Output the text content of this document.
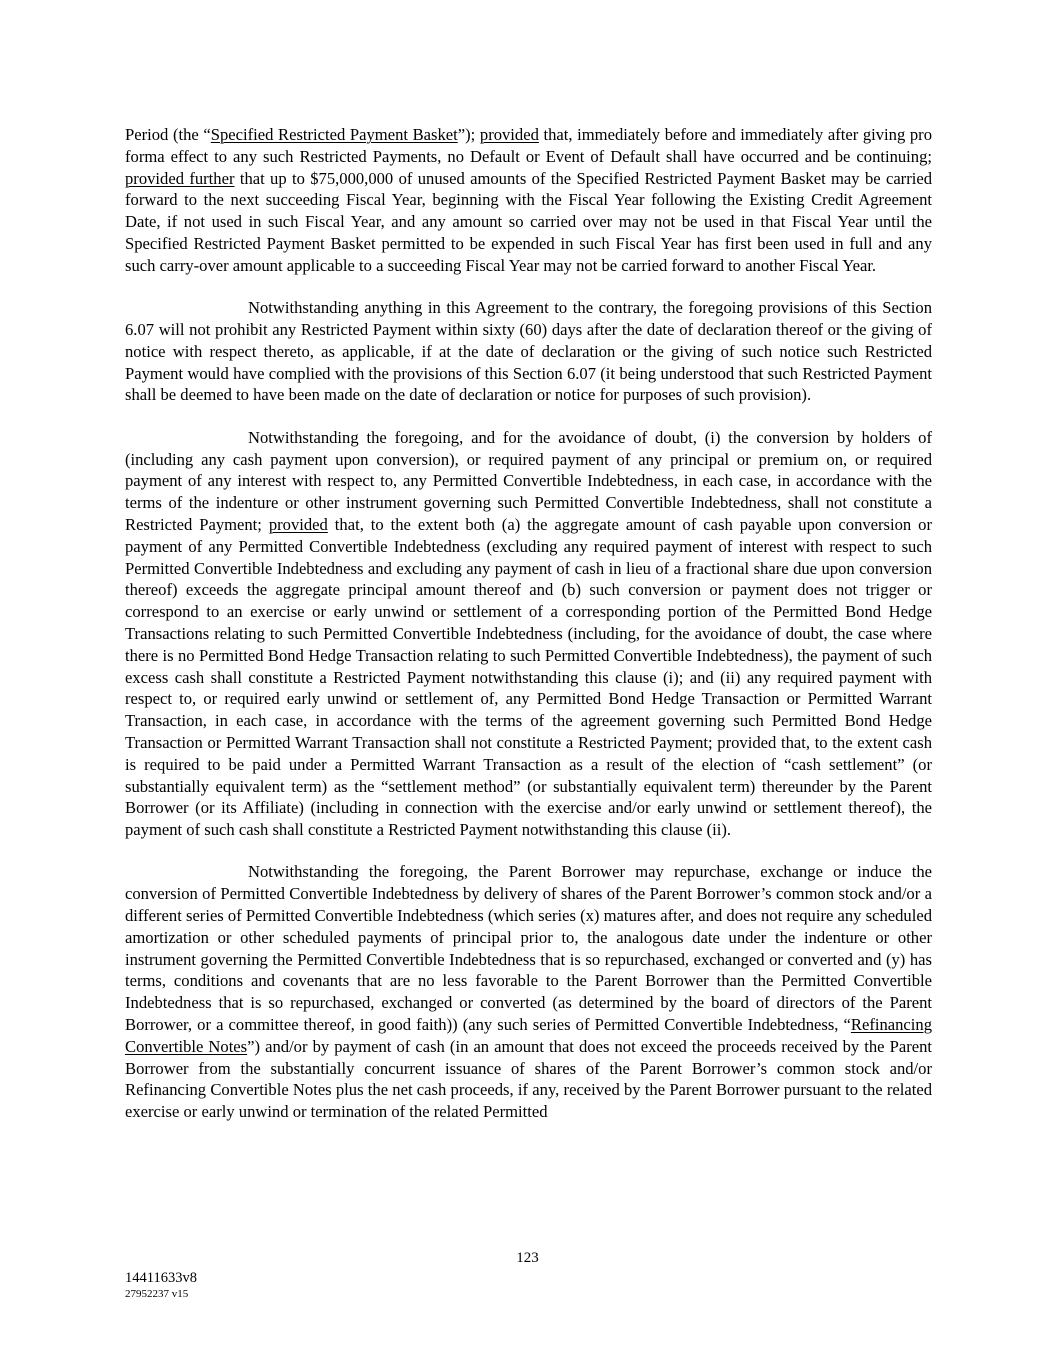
Period (the “Specified Restricted Payment Basket”); provided that, immediately before and immediately after giving pro forma effect to any such Restricted Payments, no Default or Event of Default shall have occurred and be continuing; provided further that up to $75,000,000 of unused amounts of the Specified Restricted Payment Basket may be carried forward to the next succeeding Fiscal Year, beginning with the Fiscal Year following the Existing Credit Agreement Date, if not used in such Fiscal Year, and any amount so carried over may not be used in that Fiscal Year until the Specified Restricted Payment Basket permitted to be expended in such Fiscal Year has first been used in full and any such carry-over amount applicable to a succeeding Fiscal Year may not be carried forward to another Fiscal Year.

Notwithstanding anything in this Agreement to the contrary, the foregoing provisions of this Section 6.07 will not prohibit any Restricted Payment within sixty (60) days after the date of declaration thereof or the giving of notice with respect thereto, as applicable, if at the date of declaration or the giving of such notice such Restricted Payment would have complied with the provisions of this Section 6.07 (it being understood that such Restricted Payment shall be deemed to have been made on the date of declaration or notice for purposes of such provision).

Notwithstanding the foregoing, and for the avoidance of doubt, (i) the conversion by holders of (including any cash payment upon conversion), or required payment of any principal or premium on, or required payment of any interest with respect to, any Permitted Convertible Indebtedness, in each case, in accordance with the terms of the indenture or other instrument governing such Permitted Convertible Indebtedness, shall not constitute a Restricted Payment; provided that, to the extent both (a) the aggregate amount of cash payable upon conversion or payment of any Permitted Convertible Indebtedness (excluding any required payment of interest with respect to such Permitted Convertible Indebtedness and excluding any payment of cash in lieu of a fractional share due upon conversion thereof) exceeds the aggregate principal amount thereof and (b) such conversion or payment does not trigger or correspond to an exercise or early unwind or settlement of a corresponding portion of the Permitted Bond Hedge Transactions relating to such Permitted Convertible Indebtedness (including, for the avoidance of doubt, the case where there is no Permitted Bond Hedge Transaction relating to such Permitted Convertible Indebtedness), the payment of such excess cash shall constitute a Restricted Payment notwithstanding this clause (i); and (ii) any required payment with respect to, or required early unwind or settlement of, any Permitted Bond Hedge Transaction or Permitted Warrant Transaction, in each case, in accordance with the terms of the agreement governing such Permitted Bond Hedge Transaction or Permitted Warrant Transaction shall not constitute a Restricted Payment; provided that, to the extent cash is required to be paid under a Permitted Warrant Transaction as a result of the election of “cash settlement” (or substantially equivalent term) as the “settlement method” (or substantially equivalent term) thereunder by the Parent Borrower (or its Affiliate) (including in connection with the exercise and/or early unwind or settlement thereof), the payment of such cash shall constitute a Restricted Payment notwithstanding this clause (ii).

Notwithstanding the foregoing, the Parent Borrower may repurchase, exchange or induce the conversion of Permitted Convertible Indebtedness by delivery of shares of the Parent Borrower’s common stock and/or a different series of Permitted Convertible Indebtedness (which series (x) matures after, and does not require any scheduled amortization or other scheduled payments of principal prior to, the analogous date under the indenture or other instrument governing the Permitted Convertible Indebtedness that is so repurchased, exchanged or converted and (y) has terms, conditions and covenants that are no less favorable to the Parent Borrower than the Permitted Convertible Indebtedness that is so repurchased, exchanged or converted (as determined by the board of directors of the Parent Borrower, or a committee thereof, in good faith)) (any such series of Permitted Convertible Indebtedness, “Refinancing Convertible Notes”) and/or by payment of cash (in an amount that does not exceed the proceeds received by the Parent Borrower from the substantially concurrent issuance of shares of the Parent Borrower’s common stock and/or Refinancing Convertible Notes plus the net cash proceeds, if any, received by the Parent Borrower pursuant to the related exercise or early unwind or termination of the related Permitted

123
14411633v8
27952237 v15
